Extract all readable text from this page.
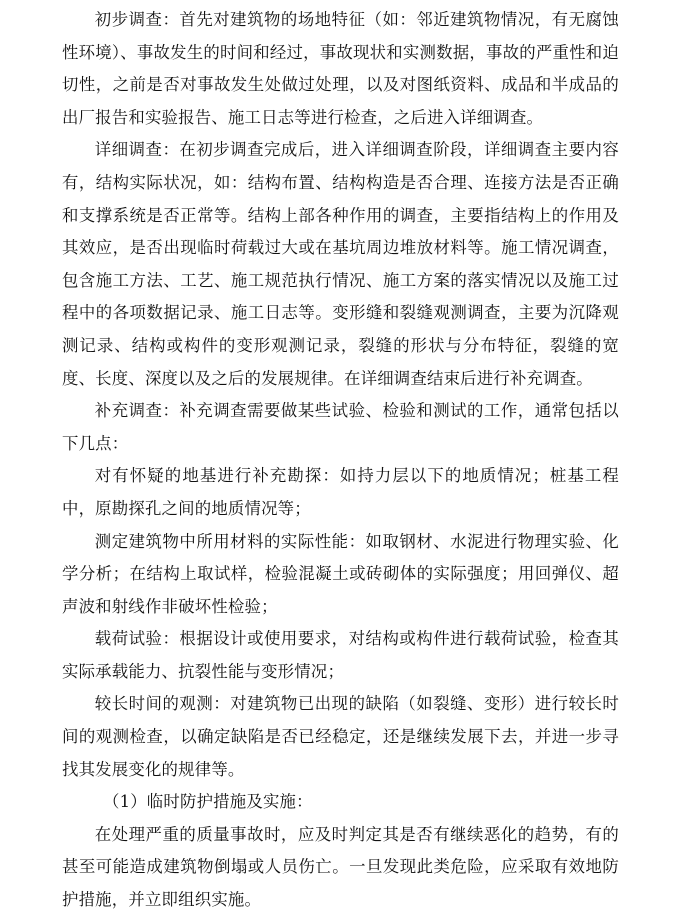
初步调查：首先对建筑物的场地特征（如：邻近建筑物情况，有无腐蚀性环境）、事故发生的时间和经过，事故现状和实测数据，事故的严重性和迫切性，之前是否对事故发生处做过处理，以及对图纸资料、成品和半成品的出厂报告和实验报告、施工日志等进行检查，之后进入详细调查。

详细调查：在初步调查完成后，进入详细调查阶段，详细调查主要内容有，结构实际状况，如：结构布置、结构构造是否合理、连接方法是否正确和支撑系统是否正常等。结构上部各种作用的调查，主要指结构上的作用及其效应，是否出现临时荷载过大或在基坑周边堆放材料等。施工情况调查，包含施工方法、工艺、施工规范执行情况、施工方案的落实情况以及施工过程中的各项数据记录、施工日志等。变形缝和裂缝观测调查，主要为沉降观测记录、结构或构件的变形观测记录，裂缝的形状与分布特征，裂缝的宽度、长度、深度以及之后的发展规律。在详细调查结束后进行补充调查。

补充调查：补充调查需要做某些试验、检验和测试的工作，通常包括以下几点：

对有怀疑的地基进行补充勘探：如持力层以下的地质情况；桩基工程中，原勘探孔之间的地质情况等；

测定建筑物中所用材料的实际性能：如取钢材、水泥进行物理实验、化学分析；在结构上取试样，检验混凝土或砖砌体的实际强度；用回弹仪、超声波和射线作非破坏性检验；

载荷试验：根据设计或使用要求，对结构或构件进行载荷试验，检查其实际承载能力、抗裂性能与变形情况；

较长时间的观测：对建筑物已出现的缺陷（如裂缝、变形）进行较长时间的观测检查，以确定缺陷是否已经稳定，还是继续发展下去，并进一步寻找其发展变化的规律等。

（1）临时防护措施及实施：

在处理严重的质量事故时，应及时判定其是否有继续恶化的趋势，有的甚至可能造成建筑物倒塌或人员伤亡。一旦发现此类危险，应采取有效地防护措施，并立即组织实施。
